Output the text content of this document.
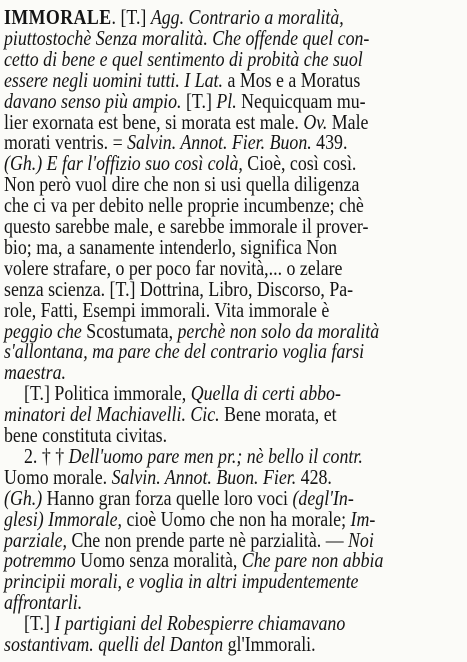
IMMORALE. [T.] Agg. Contrario a moralità,
piuttostochè Senza moralità. Che offende quel con-
cetto di bene e quel sentimento di probità che suol
essere negli uomini tutti. I Lat. a Mos e a Moratus
davano senso più ampio. [T.] Pl. Nequicquam mu-
lier exornata est bene, si morata est male. Ov. Male
morati ventris. = Salvin. Annot. Fier. Buon. 439.
(Gh.) E far l'offizio suo così colà, Cioè, così così.
Non però vuol dire che non si usi quella diligenza
che ci va per debito nelle proprie incumbenze; chè
questo sarebbe male, e sarebbe immorale il prover-
bio; ma, a sanamente intenderlo, significa Non
volere strafare, o per poco far novità,... o zelare
senza scienza. [T.] Dottrina, Libro, Discorso, Pa-
role, Fatti, Esempi immorali. Vita immorale è
peggio che Scostumata, perchè non solo da moralità
s'allontana, ma pare che del contrario voglia farsi
maestra.
[T.] Politica immorale, Quella di certi abbo-
minatori del Machiavelli. Cic. Bene morata, et
bene constituta civitas.
2. † † Dell'uomo pare men pr.; nè bello il contr.
Uomo morale. Salvin. Annot. Buon. Fier. 428.
(Gh.) Hanno gran forza quelle loro voci (degl'In-
glesi) Immorale, cioè Uomo che non ha morale; Im-
parziale, Che non prende parte nè parzialità. — Noi
potremmo Uomo senza moralità, Che pare non abbia
principii morali, e voglia in altri impudentemente
affrontarli.
[T.] I partigiani del Robespierre chiamavano
sostantivam. quelli del Danton gl'Immorali.
